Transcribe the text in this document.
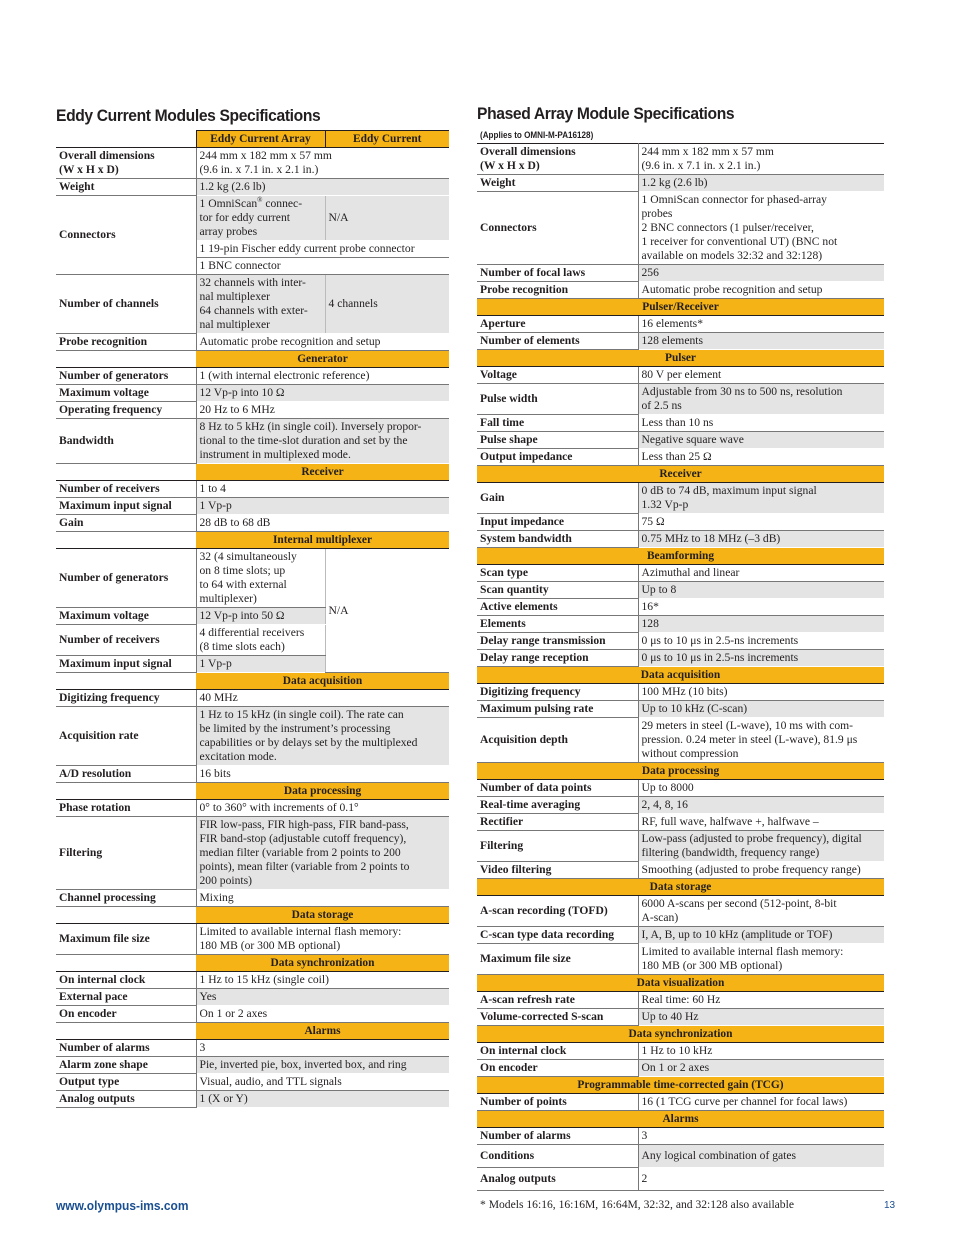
Eddy Current Modules Specifications
	Eddy Current Array	Eddy Current
Overall dimensions
(W x H x D)	244 mm x 182 mm x 57 mm
(9.6 in. x 7.1 in. x 2.1 in.)	
Weight	1.2 kg (2.6 lb)	
Connectors	1 OmniScan® connec-
tor for eddy current
array probes	N/A
	1 19-pin Fischer eddy current probe connector	
	1 BNC connector	
Number of channels	32 channels with inter-
nal multiplexer
64 channels with exter-
nal multiplexer	4 channels
Probe recognition	Automatic probe recognition and setup	
	Generator	
Number of generators	1 (with internal electronic reference)	
Maximum voltage	12 Vp-p into 10 Ω	
Operating frequency	20 Hz to 6 MHz	
Bandwidth	8 Hz to 5 kHz (in single coil). Inversely propor-
tional to the time-slot duration and set by the
instrument in multiplexed mode.	
	Receiver	
Number of receivers	1 to 4	
Maximum input signal	1 Vp-p	
Gain	28 dB to 68 dB	
	Internal multiplexer	
Number of generators	32 (4 simultaneously
on 8 time slots; up
to 64 with external
multiplexer)	N/A
Maximum voltage	12 Vp-p into 50 Ω	
Number of receivers	4 differential receivers
(8 time slots each)	
Maximum input signal	1 Vp-p	
	Data acquisition	
Digitizing frequency	40 MHz	
Acquisition rate	1 Hz to 15 kHz (in single coil). The rate can
be limited by the instrument’s processing
capabilities or by delays set by the multiplexed
excitation mode.	
A/D resolution	16 bits	
	Data processing	
Phase rotation	0° to 360° with increments of 0.1°	
Filtering	FIR low-pass, FIR high-pass, FIR band-pass,
FIR band-stop (adjustable cutoff frequency),
median filter (variable from 2 points to 200
points), mean filter (variable from 2 points to
200 points)	
Channel processing	Mixing	
	Data storage	
Maximum file size	Limited to available internal flash memory:
180 MB (or 300 MB optional)	
	Data synchronization	
On internal clock	1 Hz to 15 kHz (single coil)	
External pace	Yes	
On encoder	On 1 or 2 axes	
	Alarms	
Number of alarms	3	
Alarm zone shape	Pie, inverted pie, box, inverted box, and ring	
Output type	Visual, audio, and TTL signals	
Analog outputs	1 (X or Y)	
Phased Array Module Specifications
(Applies to OMNI-M-PA16128)
Overall dimensions
(W x H x D)	244 mm x 182 mm x 57 mm
(9.6 in. x 7.1 in. x 2.1 in.)
Weight	1.2 kg (2.6 lb)
Connectors	1 OmniScan connector for phased-array
probes
2 BNC connectors (1 pulser/receiver,
1 receiver for conventional UT) (BNC not
available on models 32:32 and 32:128)
Number of focal laws	256
Probe recognition	Automatic probe recognition and setup
Pulser/Receiver	
Aperture	16 elements*
Number of elements	128 elements
Pulser	
Voltage	80 V per element
Pulse width	Adjustable from 30 ns to 500 ns, resolution
of 2.5 ns
Fall time	Less than 10 ns
Pulse shape	Negative square wave
Output impedance	Less than 25 Ω
Receiver	
Gain	0 dB to 74 dB, maximum input signal
1.32 Vp-p
Input impedance	75 Ω
System bandwidth	0.75 MHz to 18 MHz (–3 dB)
Beamforming	
Scan type	Azimuthal and linear
Scan quantity	Up to 8
Active elements	16*
Elements	128
Delay range transmission	0 μs to 10 μs in 2.5-ns increments
Delay range reception	0 μs to 10 μs in 2.5-ns increments
Data acquisition	
Digitizing frequency	100 MHz (10 bits)
Maximum pulsing rate	Up to 10 kHz (C-scan)
Acquisition depth	29 meters in steel (L-wave), 10 ms with com-
pression. 0.24 meter in steel (L-wave), 81.9 μs
without compression
Data processing	
Number of data points	Up to 8000
Real-time averaging	2, 4, 8, 16
Rectifier	RF, full wave, halfwave +, halfwave –
Filtering	Low-pass (adjusted to probe frequency), digital
filtering (bandwidth, frequency range)
Video filtering	Smoothing (adjusted to probe frequency range)
Data storage	
A-scan recording (TOFD)	6000 A-scans per second (512-point, 8-bit
A-scan)
C-scan type data recording	I, A, B, up to 10 kHz (amplitude or TOF)
Maximum file size	Limited to available internal flash memory:
180 MB (or 300 MB optional)
Data visualization	
A-scan refresh rate	Real time: 60 Hz
Volume-corrected S-scan	Up to 40 Hz
Data synchronization	
On internal clock	1 Hz to 10 kHz
On encoder	On 1 or 2 axes
Programmable time-corrected gain (TCG)	
Number of points	16 (1 TCG curve per channel for focal laws)
Alarms	
Number of alarms	3
Conditions	Any logical combination of gates
Analog outputs	2
* Models 16:16, 16:16M, 16:64M, 32:32, and 32:128 also available
www.olympus-ims.com	13
